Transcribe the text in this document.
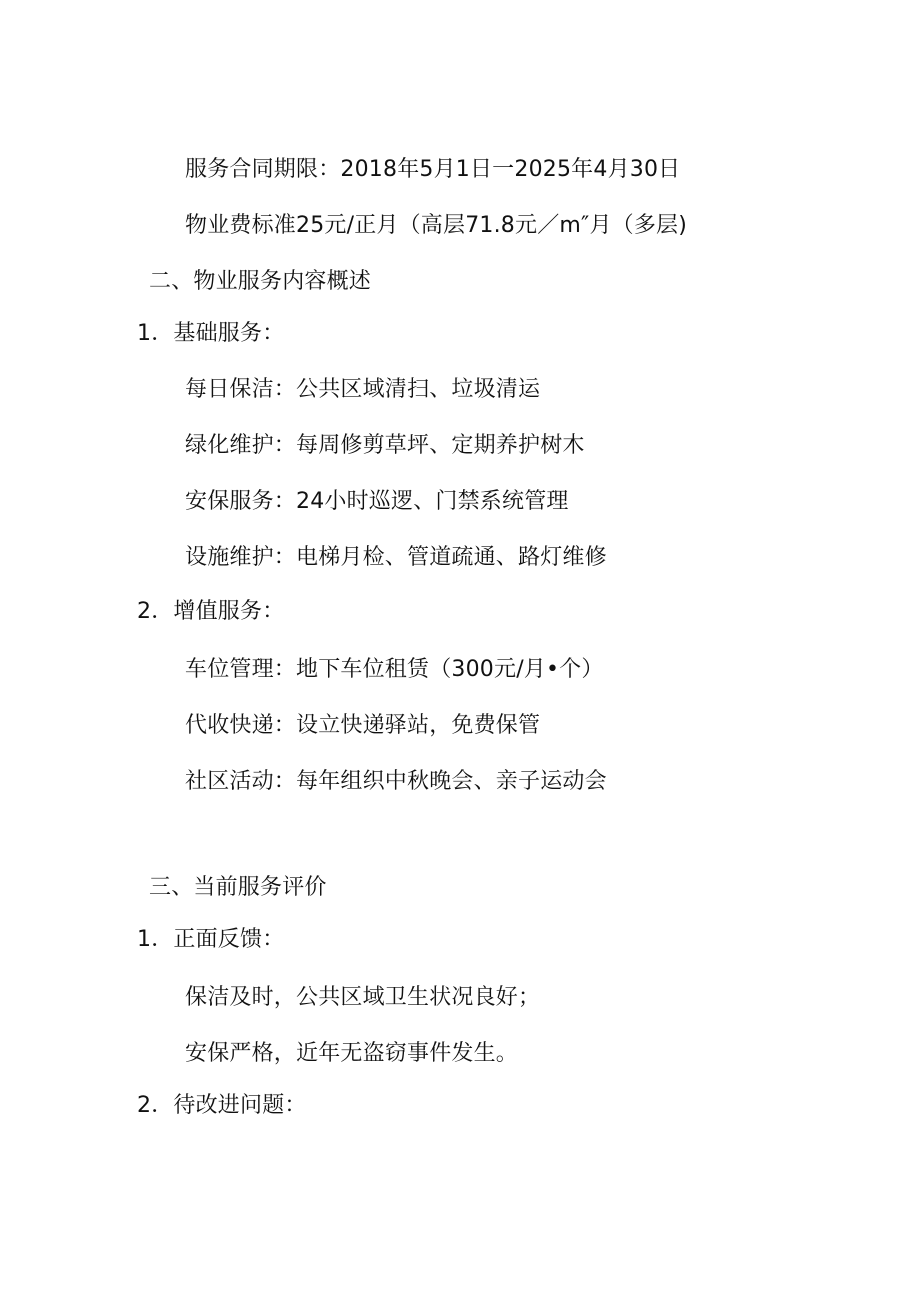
服务合同期限：2018年5月1日一2025年4月30日
物业费标准25元/正月（高层71.8元／m″月（多层)
二、物业服务内容概述
1．基础服务：
每日保洁：公共区域清扫、垃圾清运
绿化维护：每周修剪草坪、定期养护树木
安保服务：24小时巡逻、门禁系统管理
设施维护：电梯月检、管道疏通、路灯维修
2．增值服务：
车位管理：地下车位租赁（300元/月•个）
代收快递：设立快递驿站，免费保管
社区活动：每年组织中秋晚会、亲子运动会
三、当前服务评价
1．正面反馈：
保洁及时，公共区域卫生状况良好；
安保严格，近年无盗窃事件发生。
2．待改进问题：
